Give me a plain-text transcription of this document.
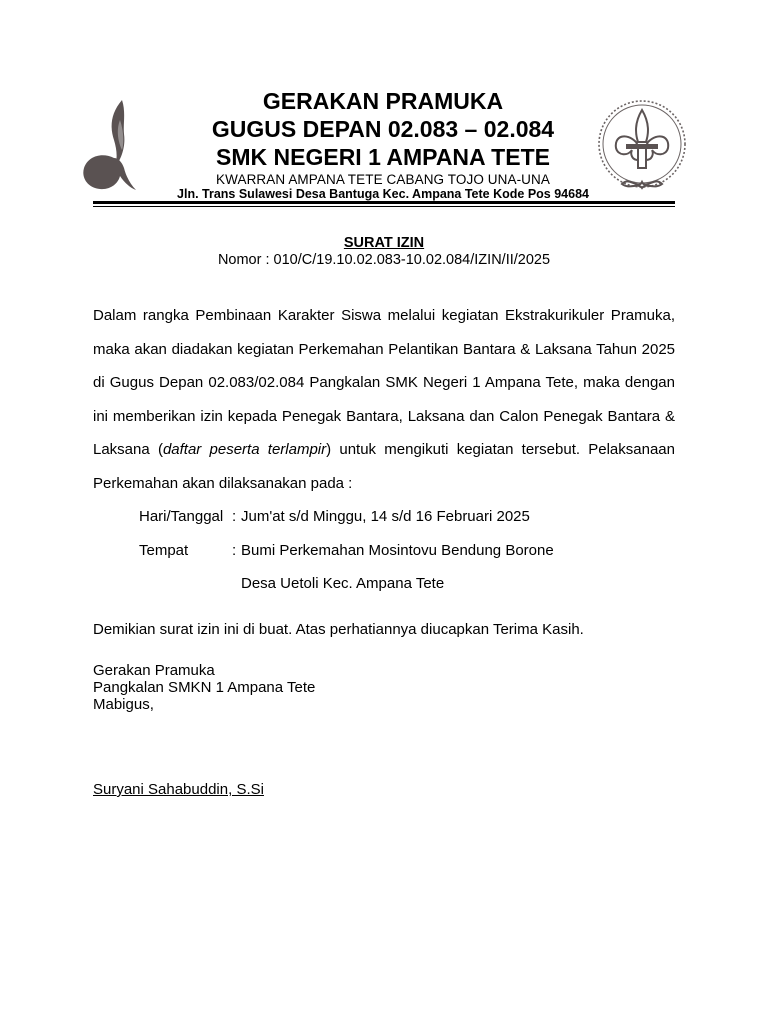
GERAKAN PRAMUKA
GUGUS DEPAN 02.083 – 02.084
SMK NEGERI 1 AMPANA TETE
KWARRAN AMPANA TETE CABANG TOJO UNA-UNA
Jln. Trans Sulawesi Desa Bantuga Kec. Ampana Tete Kode Pos 94684
SURAT IZIN
Nomor : 010/C/19.10.02.083-10.02.084/IZIN/II/2025
Dalam rangka Pembinaan Karakter Siswa melalui kegiatan Ekstrakurikuler Pramuka, maka akan diadakan kegiatan Perkemahan Pelantikan Bantara & Laksana Tahun 2025 di Gugus Depan 02.083/02.084 Pangkalan SMK Negeri 1 Ampana Tete, maka dengan ini memberikan izin kepada Penegak Bantara, Laksana dan Calon Penegak Bantara & Laksana (daftar peserta terlampir) untuk mengikuti kegiatan tersebut. Pelaksanaan Perkemahan akan dilaksanakan pada :
Hari/Tanggal : Jum'at s/d Minggu, 14 s/d 16 Februari 2025
Tempat	: Bumi Perkemahan Mosintovu Bendung Borone
Desa Uetoli Kec. Ampana Tete
Demikian surat izin ini di buat. Atas perhatiannya diucapkan Terima Kasih.
Gerakan Pramuka
Pangkalan SMKN 1 Ampana Tete
Mabigus,
Suryani Sahabuddin, S.Si
